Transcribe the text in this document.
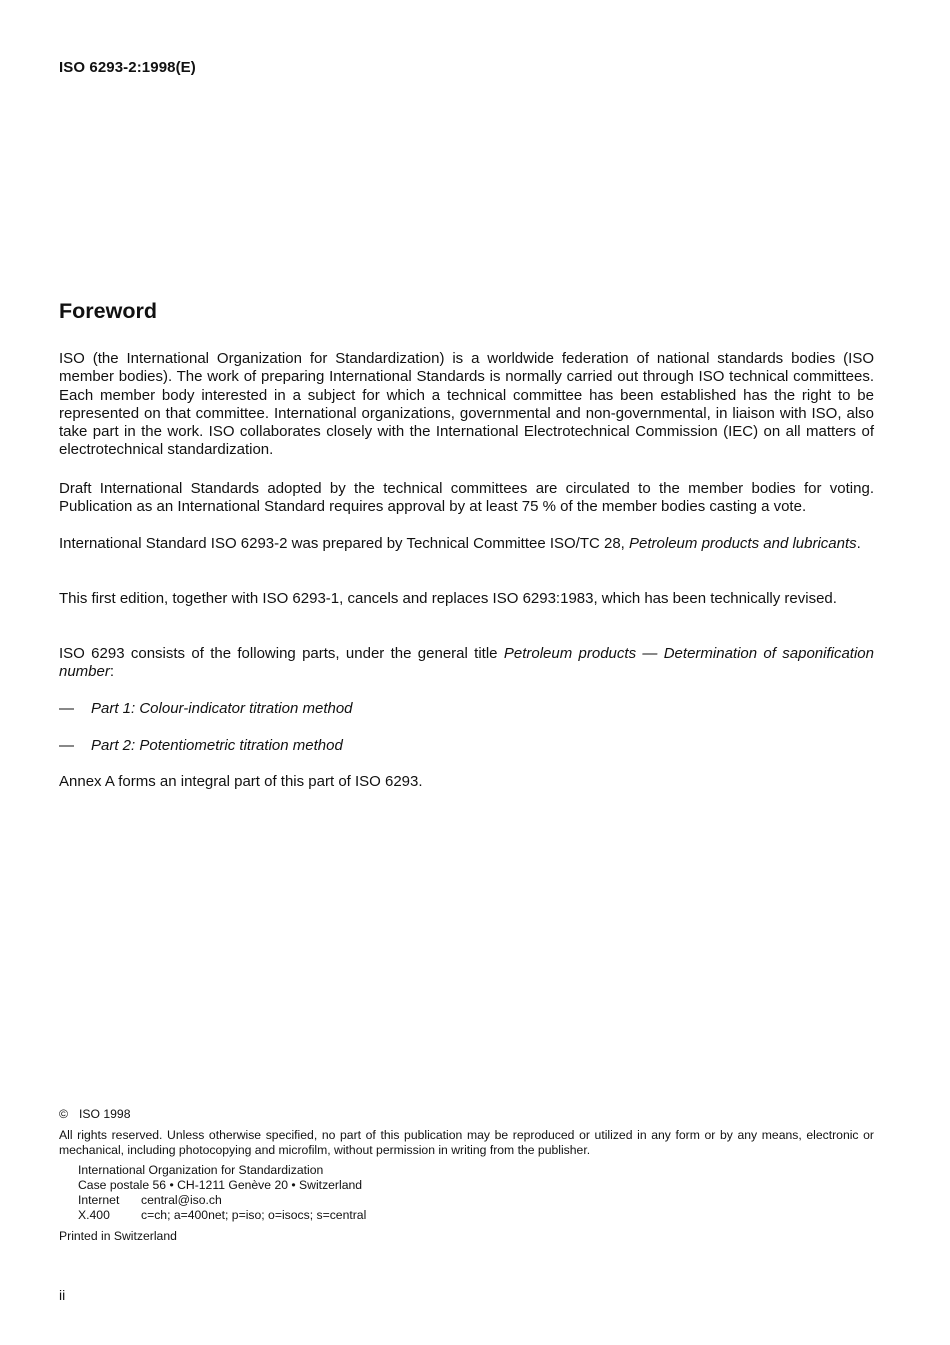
ISO 6293-2:1998(E)
Foreword
ISO (the International Organization for Standardization) is a worldwide federation of national standards bodies (ISO member bodies). The work of preparing International Standards is normally carried out through ISO technical committees. Each member body interested in a subject for which a technical committee has been established has the right to be represented on that committee. International organizations, governmental and non-governmental, in liaison with ISO, also take part in the work. ISO collaborates closely with the International Electrotechnical Commission (IEC) on all matters of electrotechnical standardization.
Draft International Standards adopted by the technical committees are circulated to the member bodies for voting. Publication as an International Standard requires approval by at least 75 % of the member bodies casting a vote.
International Standard ISO 6293-2 was prepared by Technical Committee ISO/TC 28, Petroleum products and lubricants.
This first edition, together with ISO 6293-1, cancels and replaces ISO 6293:1983, which has been technically revised.
ISO 6293 consists of the following parts, under the general title Petroleum products — Determination of saponification number:
— Part 1: Colour-indicator titration method
— Part 2: Potentiometric titration method
Annex A forms an integral part of this part of ISO 6293.
© ISO 1998
All rights reserved. Unless otherwise specified, no part of this publication may be reproduced or utilized in any form or by any means, electronic or mechanical, including photocopying and microfilm, without permission in writing from the publisher.
International Organization for Standardization
Case postale 56 • CH-1211 Genève 20 • Switzerland
Internet central@iso.ch
X.400	c=ch; a=400net; p=iso; o=isocs; s=central
Printed in Switzerland
ii
